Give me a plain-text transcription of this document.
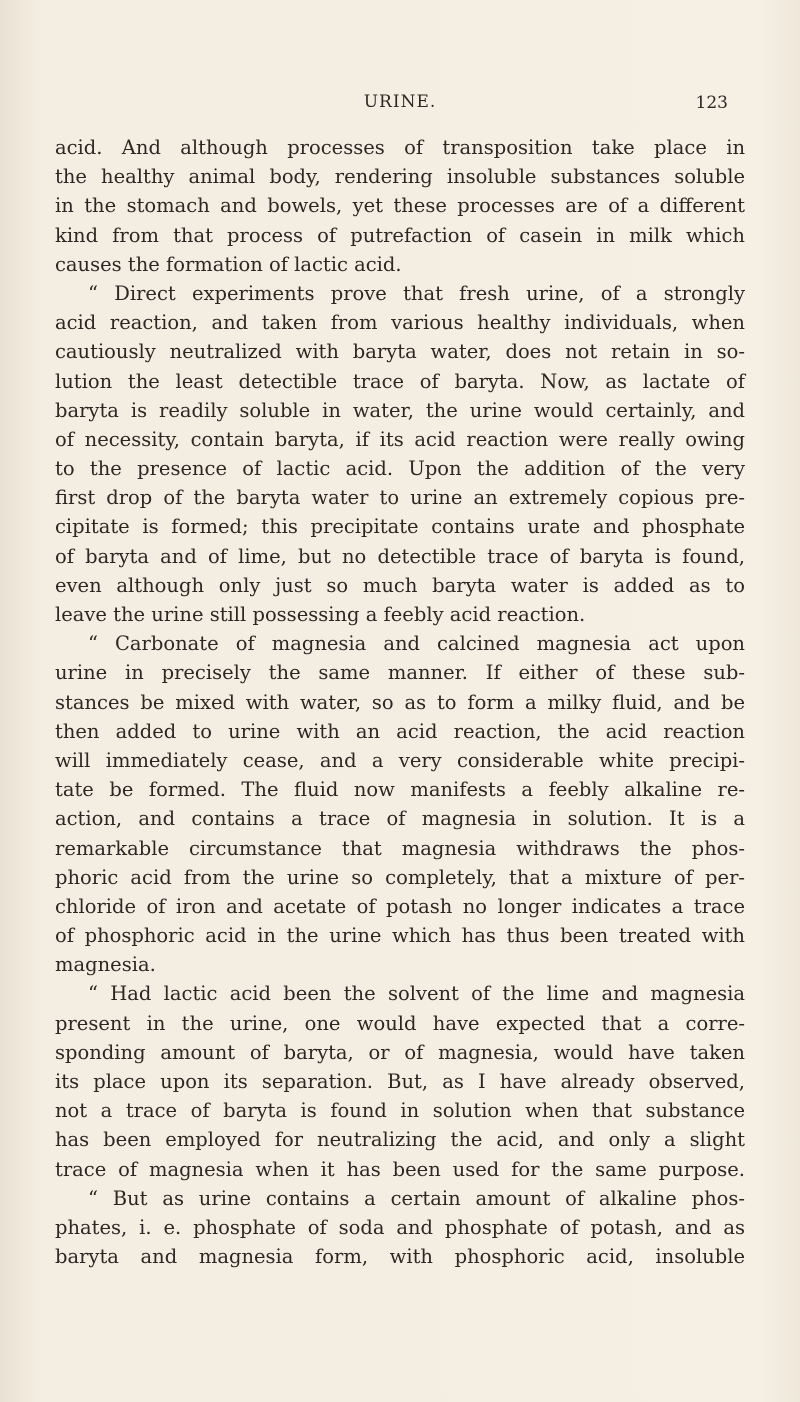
URINE.	123
acid. And although processes of transposition take place in
the healthy animal body, rendering insoluble substances soluble
in the stomach and bowels, yet these processes are of a different
kind from that process of putrefaction of casein in milk which
causes the formation of lactic acid.
“ Direct experiments prove that fresh urine, of a strongly
acid reaction, and taken from various healthy individuals, when
cautiously neutralized with baryta water, does not retain in so-
lution the least detectible trace of baryta. Now, as lactate of
baryta is readily soluble in water, the urine would certainly, and
of necessity, contain baryta, if its acid reaction were really owing
to the presence of lactic acid. Upon the addition of the very
first drop of the baryta water to urine an extremely copious pre-
cipitate is formed; this precipitate contains urate and phosphate
of baryta and of lime, but no detectible trace of baryta is found,
even although only just so much baryta water is added as to
leave the urine still possessing a feebly acid reaction.
“ Carbonate of magnesia and calcined magnesia act upon
urine in precisely the same manner. If either of these sub-
stances be mixed with water, so as to form a milky fluid, and be
then added to urine with an acid reaction, the acid reaction
will immediately cease, and a very considerable white precipi-
tate be formed. The fluid now manifests a feebly alkaline re-
action, and contains a trace of magnesia in solution. It is a
remarkable circumstance that magnesia withdraws the phos-
phoric acid from the urine so completely, that a mixture of per-
chloride of iron and acetate of potash no longer indicates a trace
of phosphoric acid in the urine which has thus been treated with
magnesia.
“ Had lactic acid been the solvent of the lime and magnesia
present in the urine, one would have expected that a corre-
sponding amount of baryta, or of magnesia, would have taken
its place upon its separation. But, as I have already observed,
not a trace of baryta is found in solution when that substance
has been employed for neutralizing the acid, and only a slight
trace of magnesia when it has been used for the same purpose.
“ But as urine contains a certain amount of alkaline phos-
phates, i. e. phosphate of soda and phosphate of potash, and as
baryta and magnesia form, with phosphoric acid, insoluble
